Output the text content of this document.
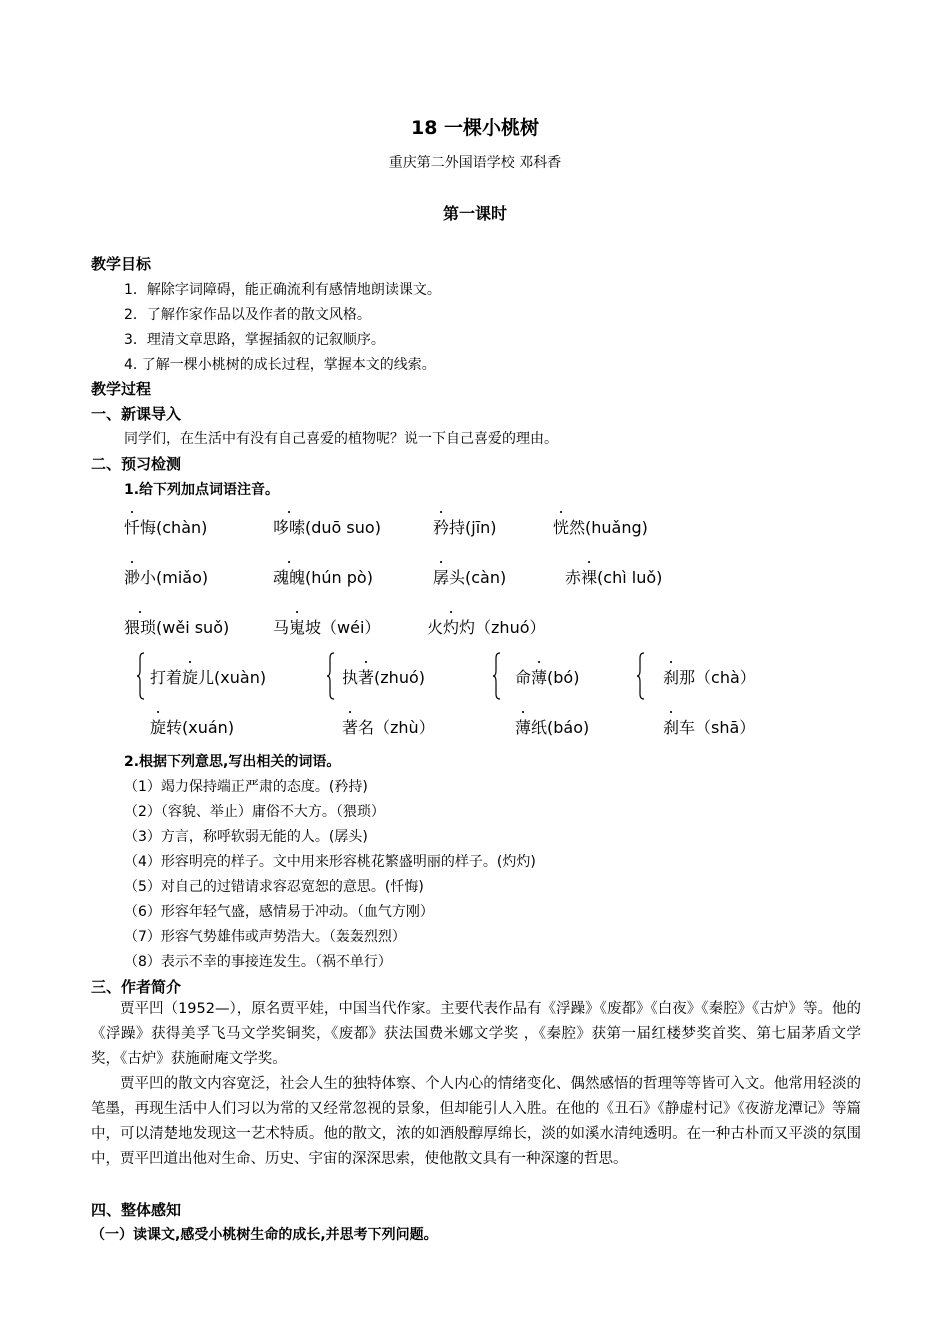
18 一棵小桃树
重庆第二外国语学校 邓科香
第一课时
教学目标
1．解除字词障碍，能正确流利有感情地朗读课文。
2．了解作家作品以及作者的散文风格。
3．理清文章思路，掌握插叙的记叙顺序。
4. 了解一棵小桃树的成长过程，掌握本文的线索。
教学过程
一、新课导入
同学们，在生活中有没有自己喜爱的植物呢？说一下自己喜爱的理由。
二、预习检测
1.给下列加点词语注音。
忏悔(chàn)	哆嗦(duō suo)	矜持(jīn)	恍然(huǎng)
渺小(miǎo)	魂魄(hún pò)	孱头(càn)	赤裸(chì luǒ)
猥琐(wěi suǒ)	马嵬坡（wéi）	火灼灼（zhuó）
打着旋儿(xuàn)	执著(zhuó)	命薄(bó)	刹那（chà）
旋转(xuán)	著名（zhù）	薄纸(báo)	刹车（shā）
2.根据下列意思,写出相关的词语。
（1）竭力保持端正严肃的态度。(矜持)
（2）（容貌、举止）庸俗不大方。（猥琐）
（3）方言，称呼软弱无能的人。(孱头)
（4）形容明亮的样子。文中用来形容桃花繁盛明丽的样子。(灼灼)
（5）对自己的过错请求容忍宽恕的意思。(忏悔)
（6）形容年轻气盛，感情易于冲动。（血气方刚）
（7）形容气势雄伟或声势浩大。（轰轰烈烈）
（8）表示不幸的事接连发生。（祸不单行）
三、作者简介
贾平凹（1952—），原名贾平娃，中国当代作家。主要代表作品有《浮躁》《废都》《白夜》《秦腔》《古炉》等。他的《浮躁》获得美孚飞马文学奖铜奖，《废都》获法国费米娜文学奖 ，《秦腔》获第一届红楼梦奖首奖、第七届茅盾文学奖，《古炉》获施耐庵文学奖。
贾平凹的散文内容宽泛，社会人生的独特体察、个人内心的情绪变化、偶然感悟的哲理等等皆可入文。他常用轻淡的笔墨，再现生活中人们习以为常的又经常忽视的景象，但却能引人入胜。在他的《丑石》《静虚村记》《夜游龙潭记》等篇中，可以清楚地发现这一艺术特质。他的散文，浓的如酒般醇厚绵长，淡的如溪水清纯透明。在一种古朴而又平淡的氛围中，贾平凹道出他对生命、历史、宇宙的深深思索，使他散文具有一种深邃的哲思。
四、整体感知
（一）读课文,感受小桃树生命的成长,并思考下列问题。
